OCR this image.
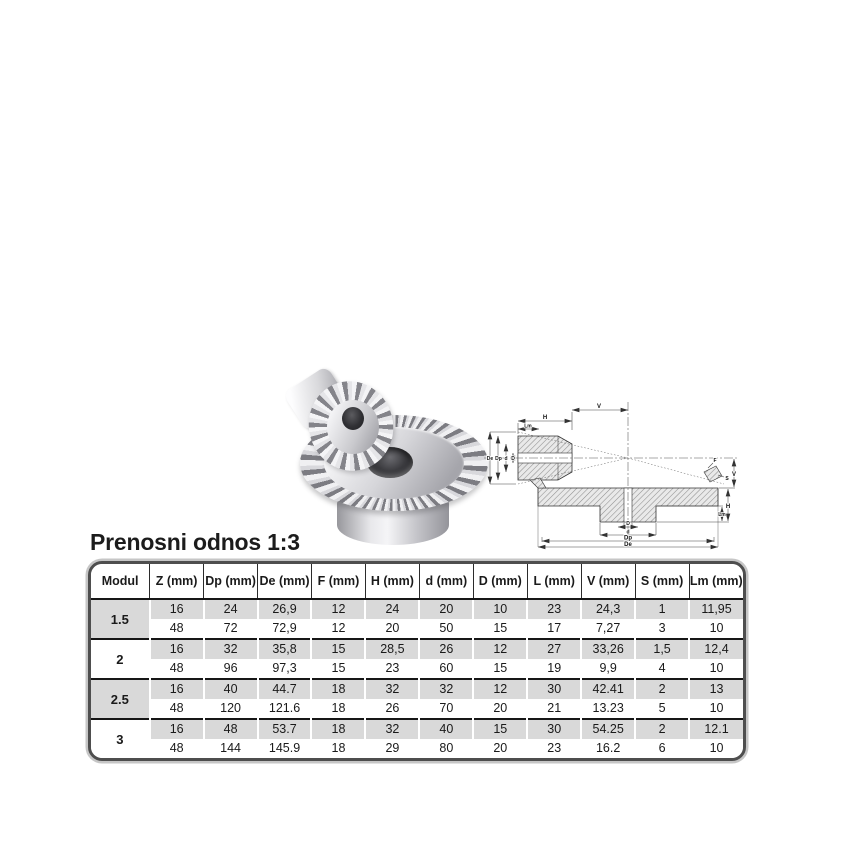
V
H
Lm
De Dp d D	F
S
V
H
Lm
D
d
Dp
De
Prenosni odnos 1:3
Modul	Z (mm)	Dp (mm)	De (mm)	F (mm)	H (mm)	d (mm)	D (mm)	L (mm)	V (mm)	S (mm)	Lm (mm)
1.5	16	24	26,9	12	24	20	10	23	24,3	1	11,95
	48	72	72,9	12	20	50	15	17	7,27	3	10
2	16	32	35,8	15	28,5	26	12	27	33,26	1,5	12,4
	48	96	97,3	15	23	60	15	19	9,9	4	10
2.5	16	40	44.7	18	32	32	12	30	42.41	2	13
	48	120	121.6	18	26	70	20	21	13.23	5	10
3	16	48	53.7	18	32	40	15	30	54.25	2	12.1
	48	144	145.9	18	29	80	20	23	16.2	6	10
